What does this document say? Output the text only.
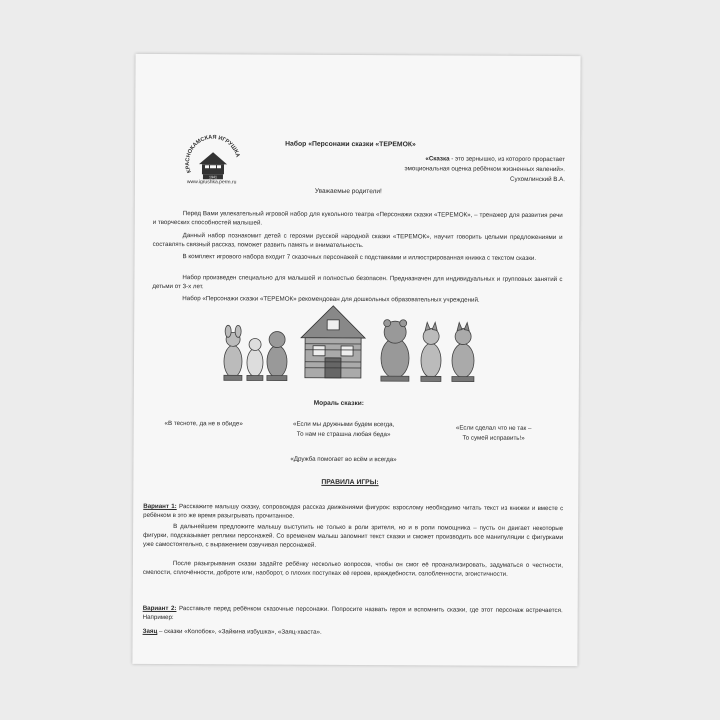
КРАСНОКАМСКАЯ ИГРУШКА
1941
www.igrushka.perm.ru
Набор «Персонажи сказки «ТЕРЕМОК»
«Сказка - это зернышко, из которого прорастает
эмоциональная оценка ребёнком жизненных явлений».
Сухомлинский В.А.
Уважаемые родители!
Перед Вами увлекательный игровой набор для кукольного театра «Персонажи сказки «ТЕРЕМОК», – тренажер для развития речи и творческих способностей малышей.
Данный набор познакомит детей с героями русской народной сказки «ТЕРЕМОК», научит говорить целыми предложениями и составлять связный рассказ, поможет развить память и внимательность.
В комплект игрового набора входит 7 сказочных персонажей с подставками и иллюстрированная книжка с текстом сказки.
Набор произведен специально для малышей и полностью безопасен. Предназначен для индивидуальных и групповых занятий с детьми от 3-х лет.
Набор «Персонажи сказки «ТЕРЕМОК» рекомендован для дошкольных образовательных учреждений.
Мораль сказки:
«В тесноте, да не в обиде»	«Если мы дружными будем всегда,
То нам не страшна любая беда»
«Если сделал что не так –
То сумей исправить!»
«Дружба помогает во всём и всегда»
ПРАВИЛА ИГРЫ:
Вариант 1: Расскажите малышу сказку, сопровождая рассказ движениями фигурок: взрослому необходимо читать текст из книжки и вместе с ребёнком в это же время разыгрывать прочитанное.
В дальнейшем предложите малышу выступить не только в роли зрителя, но и в роли помощника – пусть он двигает некоторые фигурки, подсказывает реплики персонажей. Со временем малыш запомнит текст сказки и сможет производить все манипуляции с фигурками уже самостоятельно, с выражением озвучивая персонажей.
После разыгрывания сказки задайте ребёнку несколько вопросов, чтобы он смог её проанализировать, задуматься о честности, смелости, сплочённости, доброте или, наоборот, о плохих поступках её героев, враждебности, озлобленности, эгоистичности.
Вариант 2: Расставьте перед ребёнком сказочные персонажи. Попросите назвать героя и вспомнить сказки, где этот персонаж встречается. Например:
Заяц – сказки «Колобок», «Зайкина избушка», «Заяц-хваста».
